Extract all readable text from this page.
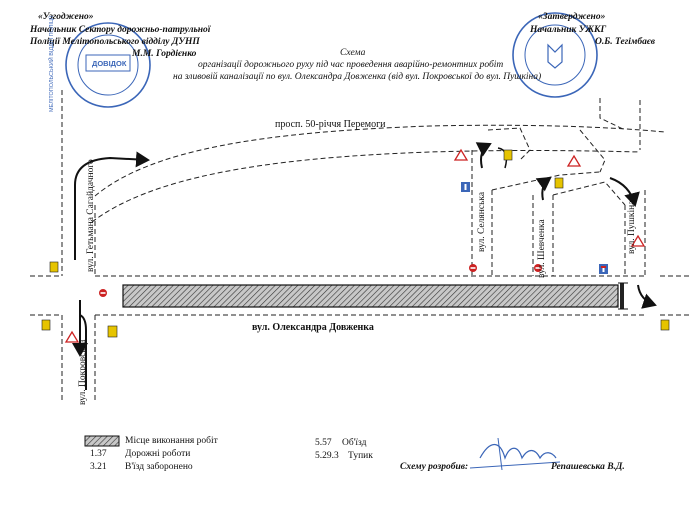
«Узгоджено»
Начальник Сектору дорожньо-патрульної
Поліції Мелітопольського відділу ДУНП
М.М. Гордієнко
«Затверджено»
Начальник УЖКГ
О.Б. Тегімбаєв
ДОВІДОК
МЕЛІТОПОЛЬСЬКИЙ ВІДДІЛ ПОЛІЦІЇ	Схема
організації дорожнього руху під час проведення аварійно-ремонтних робіт
на зливовій каналізації по вул. Олександра Довженка (від вул. Покровської до вул. Пушкіна)
просп. 50-річчя Перемоги
вул. Олександра Довженка
вул. Гетьмана Сагайдачного
вул. Покровська
вул. Селянська	вул. Шевченка	вул. Пушкіна
Місце виконання робіт
1.37 Дорожні роботи
3.21 В'їзд заборонено
5.57 Об'їзд
5.29.3 Тупик
Схему розробив:	Репашевська В.Д.
